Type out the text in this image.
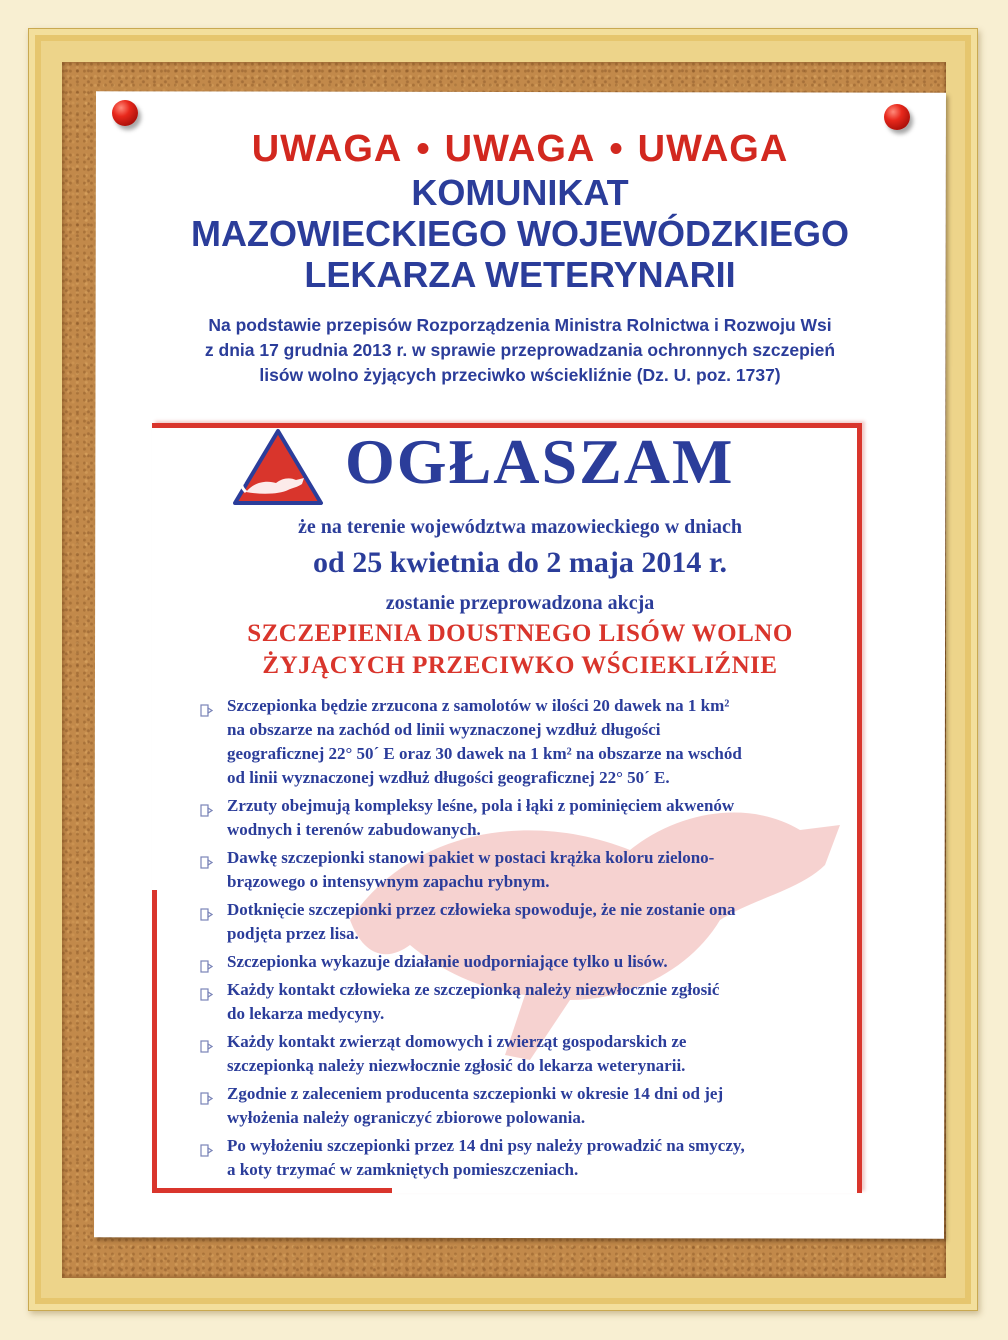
UWAGA • UWAGA • UWAGA
KOMUNIKAT
MAZOWIECKIEGO WOJEWÓDZKIEGO
LEKARZA WETERYNARII
Na podstawie przepisów Rozporządzenia Ministra Rolnictwa i Rozwoju Wsi
z dnia 17 grudnia 2013 r. w sprawie przeprowadzania ochronnych szczepień
lisów wolno żyjących przeciwko wściekliźnie (Dz. U. poz. 1737)
OGŁASZAM
że na terenie województwa mazowieckiego w dniach
od 25 kwietnia do 2 maja 2014 r.
zostanie przeprowadzona akcja
SZCZEPIENIA DOUSTNEGO LISÓW WOLNO
ŻYJĄCYCH PRZECIWKO WŚCIEKLIŹNIE
Szczepionka będzie zrzucona z samolotów w ilości 20 dawek na 1 km²
na obszarze na zachód od linii wyznaczonej wzdłuż długości
geograficznej 22° 50´ E oraz 30 dawek na 1 km² na obszarze na wschód
od linii wyznaczonej wzdłuż długości geograficznej 22° 50´ E.
Zrzuty obejmują kompleksy leśne, pola i łąki z pominięciem akwenów
wodnych i terenów zabudowanych.
Dawkę szczepionki stanowi pakiet w postaci krążka koloru zielono-
brązowego o intensywnym zapachu rybnym.
Dotknięcie szczepionki przez człowieka spowoduje, że nie zostanie ona
podjęta przez lisa.
Szczepionka wykazuje działanie uodporniające tylko u lisów.
Każdy kontakt człowieka ze szczepionką należy niezwłocznie zgłosić
do lekarza medycyny.
Każdy kontakt zwierząt domowych i zwierząt gospodarskich ze
szczepionką należy niezwłocznie zgłosić do lekarza weterynarii.
Zgodnie z zaleceniem producenta szczepionki w okresie 14 dni od jej
wyłożenia należy ograniczyć zbiorowe polowania.
Po wyłożeniu szczepionki przez 14 dni psy należy prowadzić na smyczy,
a koty trzymać w zamkniętych pomieszczeniach.
